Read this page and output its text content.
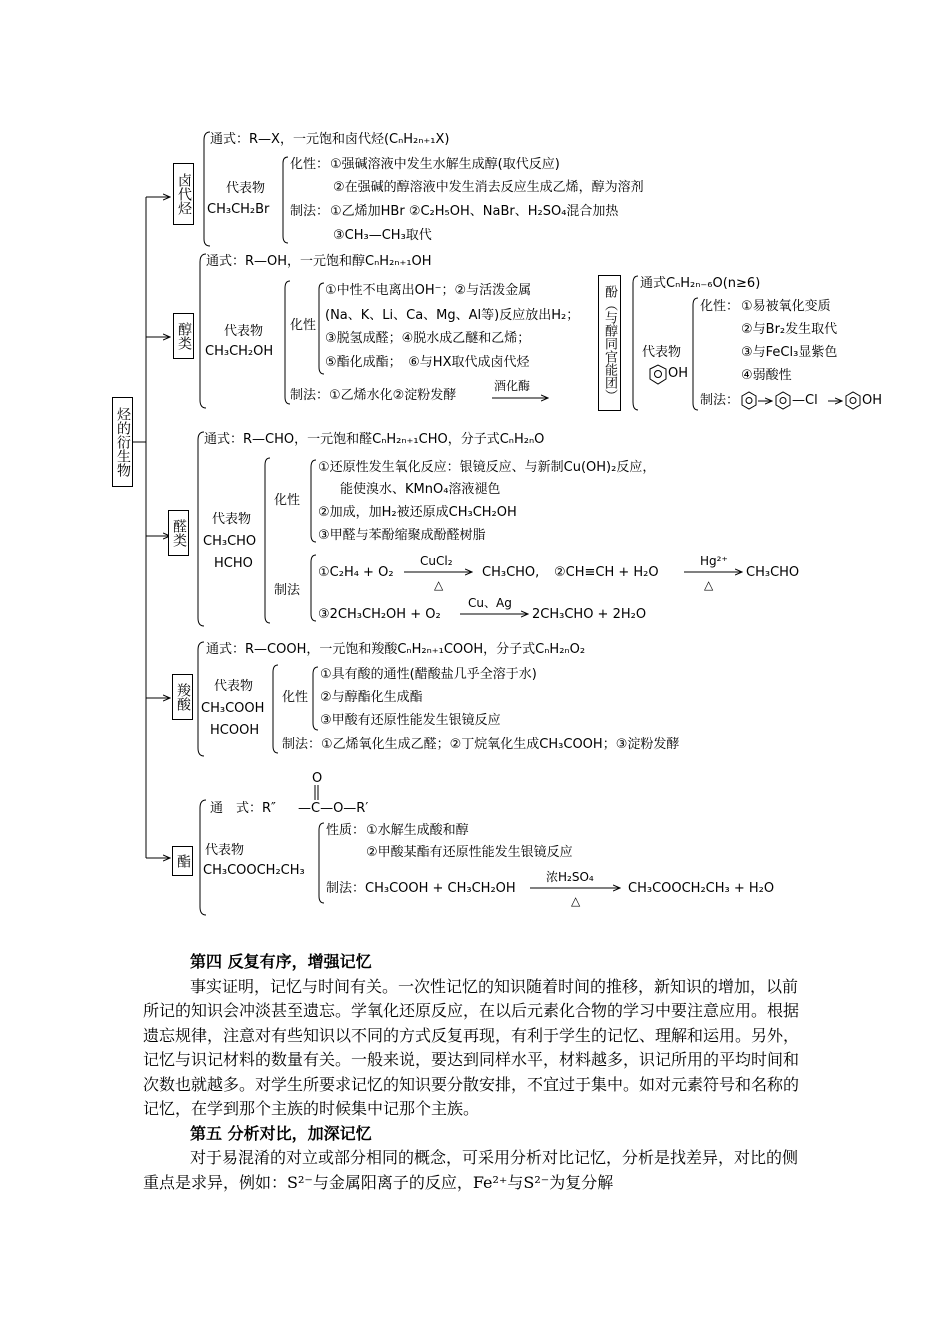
烃的衍生物
卤代烃
通式：R—X，一元饱和卤代烃(CₙH₂ₙ₊₁X)
代表物
CH₃CH₂Br
化性： ①强碱溶液中发生水解生成醇(取代反应)
②在强碱的醇溶液中发生消去反应生成乙烯，醇为溶剂
制法： ①乙烯加HBr ②C₂H₅OH、NaBr、H₂SO₄混合加热
③CH₃—CH₃取代
醇类
通式：R—OH，一元饱和醇CₙH₂ₙ₊₁OH
代表物
CH₃CH₂OH
化性
①中性不电离出OH⁻；②与活泼金属
(Na、K、Li、Ca、Mg、Al等)反应放出H₂；
③脱氢成醛；④脱水成乙醚和乙烯；
⑤酯化成酯；　⑥与HX取代成卤代烃
制法：①乙烯水化②淀粉发酵
酒化酶	酚（与醇同官能团）
通式CₙH₂ₙ₋₆O(n≥6)
代表物
OH
化性： ①易被氧化变质
②与Br₂发生取代
③与FeCl₃显紫色
④弱酸性
制法：	—Cl	OH
醛类
通式：R—CHO，一元饱和醛CₙH₂ₙ₊₁CHO，分子式CₙH₂ₙO
代表物
CH₃CHO
HCHO
化性
①还原性发生氧化反应：银镜反应、与新制Cu(OH)₂反应，
能使溴水、KMnO₄溶液褪色
②加成，加H₂被还原成CH₃CH₂OH
③甲醛与苯酚缩聚成酚醛树脂
制法
①C₂H₄ + O₂
CuCl₂
△
CH₃CHO, ②CH≡CH + H₂O
Hg²⁺
△
CH₃CHO
③2CH₃CH₂OH + O₂
Cu、Ag
2CH₃CHO + 2H₂O
羧酸
通式：R—COOH，一元饱和羧酸CₙH₂ₙ₊₁COOH，分子式CₙH₂ₙO₂
代表物
CH₃COOH
HCOOH
化性
①具有酸的通性(醋酸盐几乎全溶于水)
②与醇酯化生成酯
③甲酸有还原性能发生银镜反应
制法：①乙烯氧化生成乙醛；②丁烷氧化生成CH₃COOH；③淀粉发酵
酯
O
通　式：R″ —C—O—R′
代表物
CH₃COOCH₂CH₃
性质： ①水解生成酸和醇
②甲酸某酯有还原性能发生银镜反应
制法：CH₃COOH + CH₃CH₂OH
浓H₂SO₄
△
CH₃COOCH₂CH₃ + H₂O

第四 反复有序，增强记忆

事实证明，记忆与时间有关。一次性记忆的知识随着时间的推移，新知识的增加，以前所记的知识会冲淡甚至遗忘。学氧化还原反应，在以后元素化合物的学习中要注意应用。根据遗忘规律，注意对有些知识以不同的方式反复再现，有利于学生的记忆、理解和运用。另外，记忆与识记材料的数量有关。一般来说，要达到同样水平，材料越多，识记所用的平均时间和次数也就越多。对学生所要求记忆的知识要分散安排，不宜过于集中。如对元素符号和名称的记忆，在学到那个主族的时候集中记那个主族。

第五 分析对比，加深记忆

对于易混淆的对立或部分相同的概念，可采用分析对比记忆，分析是找差异，对比的侧重点是求异，例如：S²⁻与金属阳离子的反应，Fe²⁺与S²⁻为复分解
